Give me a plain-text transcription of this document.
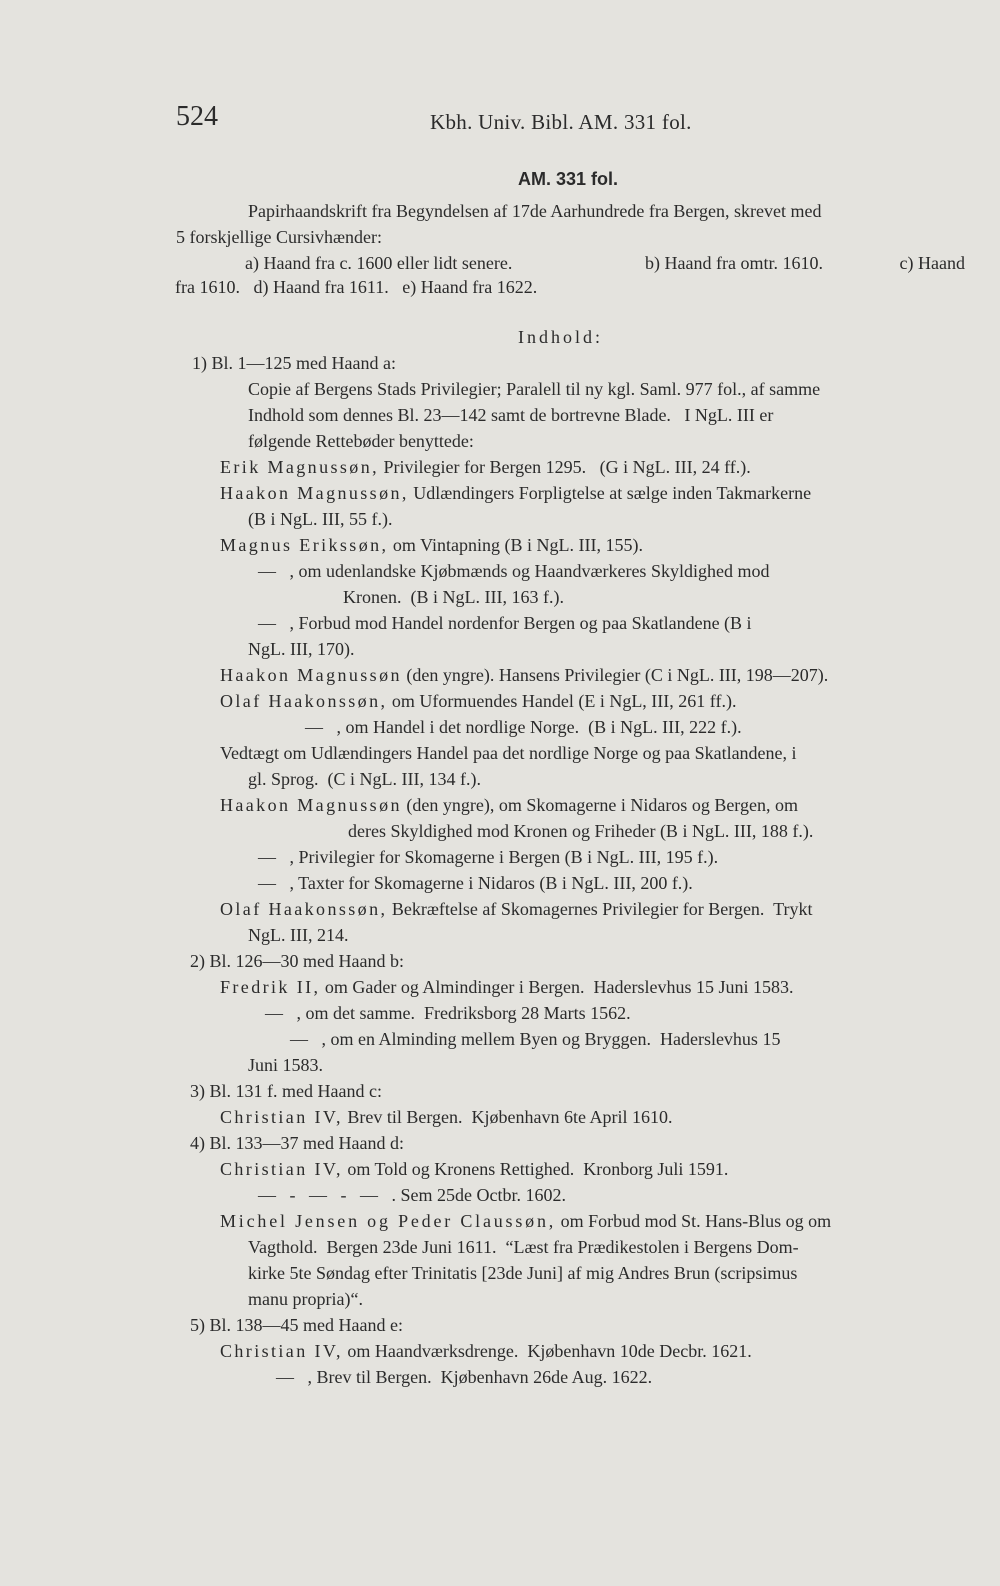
524	Kbh. Univ. Bibl. AM. 331 fol.
AM. 331 fol.
Papirhaandskrift fra Begyndelsen af 17de Aarhundrede fra Bergen, skrevet med
5 forskjellige Cursivhænder:
a) Haand fra c. 1600 eller lidt senere.	b) Haand fra omtr. 1610.	c) Haand
fra 1610.   d) Haand fra 1611.   e) Haand fra 1622.
Indhold:
1) Bl. 1—125 med Haand a:
Copie af Bergens Stads Privilegier; Paralell til ny kgl. Saml. 977 fol., af samme
Indhold som dennes Bl. 23—142 samt de bortrevne Blade.   I NgL. III er
følgende Rettebøder benyttede:
Erik Magnussøn, Privilegier for Bergen 1295.   (G i NgL. III, 24 ff.).
Haakon Magnussøn, Udlændingers Forpligtelse at sælge inden Takmarkerne
(B i NgL. III, 55 f.).
Magnus Erikssøn, om Vintapning (B i NgL. III, 155).
—   , om udenlandske Kjøbmænds og Haandværkeres Skyldighed mod
Kronen.  (B i NgL. III, 163 f.).
—   , Forbud mod Handel nordenfor Bergen og paa Skatlandene (B i
NgL. III, 170).
Haakon Magnussøn (den yngre). Hansens Privilegier (C i NgL. III, 198—207).
Olaf Haakonssøn, om Uformuendes Handel (E i NgL, III, 261 ff.).
—   , om Handel i det nordlige Norge.  (B i NgL. III, 222 f.).
Vedtægt om Udlændingers Handel paa det nordlige Norge og paa Skatlandene, i
gl. Sprog.  (C i NgL. III, 134 f.).
Haakon Magnussøn (den yngre), om Skomagerne i Nidaros og Bergen, om
deres Skyldighed mod Kronen og Friheder (B i NgL. III, 188 f.).
—   , Privilegier for Skomagerne i Bergen (B i NgL. III, 195 f.).
—   , Taxter for Skomagerne i Nidaros (B i NgL. III, 200 f.).
Olaf Haakonssøn, Bekræftelse af Skomagernes Privilegier for Bergen.  Trykt
NgL. III, 214.
2) Bl. 126—30 med Haand b:
Fredrik II, om Gader og Almindinger i Bergen.  Haderslevhus 15 Juni 1583.
—   , om det samme.  Fredriksborg 28 Marts 1562.
—   , om en Alminding mellem Byen og Bryggen.  Haderslevhus 15
Juni 1583.
3) Bl. 131 f. med Haand c:
Christian IV, Brev til Bergen.  Kjøbenhavn 6te April 1610.
4) Bl. 133—37 med Haand d:
Christian IV, om Told og Kronens Rettighed.  Kronborg Juli 1591.
—   -   —   -   —   . Sem 25de Octbr. 1602.
Michel Jensen og Peder Claussøn, om Forbud mod St. Hans-Blus og om
Vagthold.  Bergen 23de Juni 1611.  “Læst fra Prædikestolen i Bergens Dom-
kirke 5te Søndag efter Trinitatis [23de Juni] af mig Andres Brun (scripsimus
manu propria)“.
5) Bl. 138—45 med Haand e:
Christian IV, om Haandværksdrenge.  Kjøbenhavn 10de Decbr. 1621.
—   , Brev til Bergen.  Kjøbenhavn 26de Aug. 1622.
